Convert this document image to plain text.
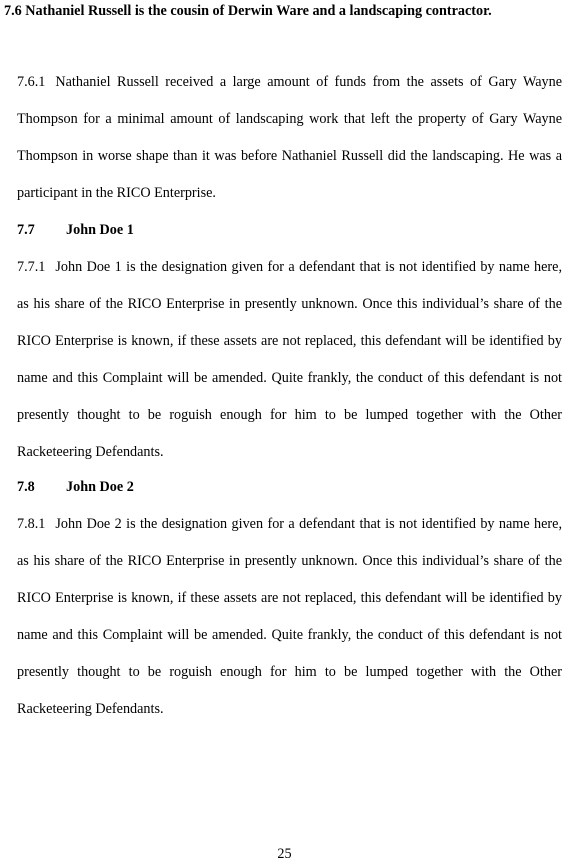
7.6 Nathaniel Russell is the cousin of Derwin Ware and a landscaping contractor.
7.6.1 Nathaniel Russell received a large amount of funds from the assets of Gary Wayne Thompson for a minimal amount of landscaping work that left the property of Gary Wayne Thompson in worse shape than it was before Nathaniel Russell did the landscaping. He was a participant in the RICO Enterprise.
7.7 John Doe 1
7.7.1 John Doe 1 is the designation given for a defendant that is not identified by name here, as his share of the RICO Enterprise in presently unknown. Once this individual’s share of the RICO Enterprise is known, if these assets are not replaced, this defendant will be identified by name and this Complaint will be amended. Quite frankly, the conduct of this defendant is not presently thought to be roguish enough for him to be lumped together with the Other Racketeering Defendants.
7.8 John Doe 2
7.8.1 John Doe 2 is the designation given for a defendant that is not identified by name here, as his share of the RICO Enterprise in presently unknown. Once this individual’s share of the RICO Enterprise is known, if these assets are not replaced, this defendant will be identified by name and this Complaint will be amended. Quite frankly, the conduct of this defendant is not presently thought to be roguish enough for him to be lumped together with the Other Racketeering Defendants.
25
